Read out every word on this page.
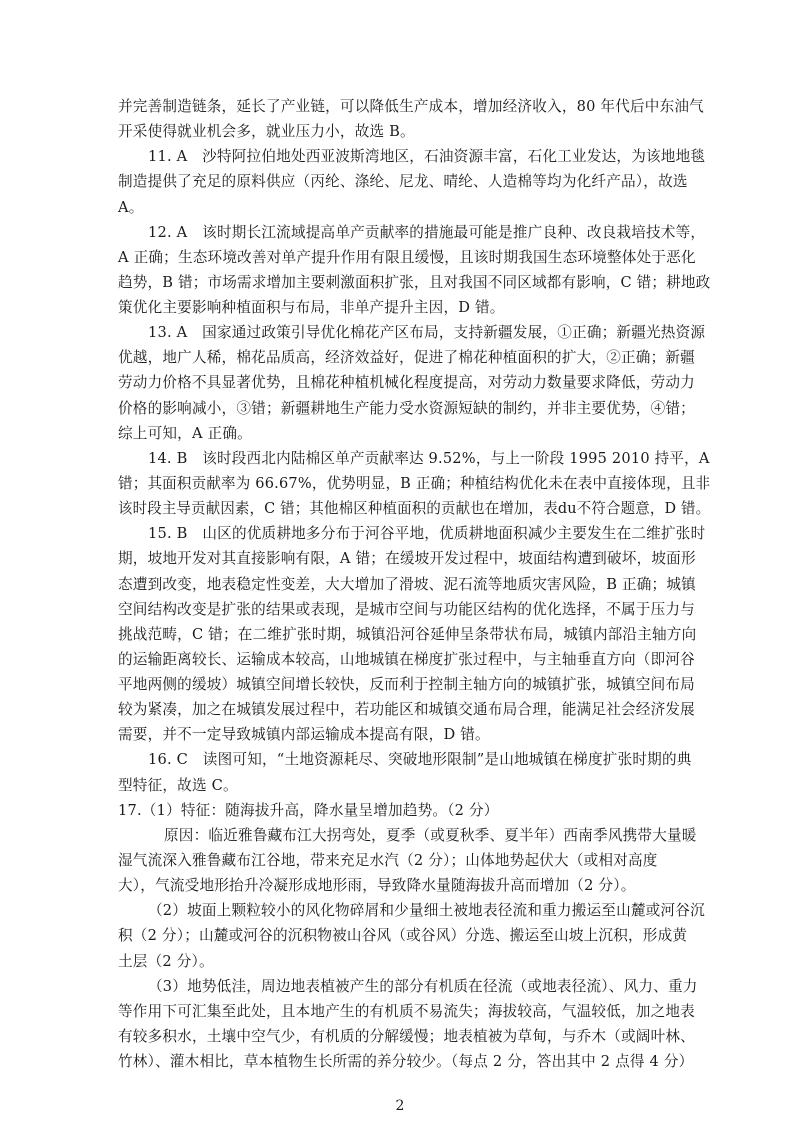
并完善制造链条，延长了产业链，可以降低生产成本，增加经济收入，80 年代后中东油气
开采使得就业机会多，就业压力小，故选 B。
11. A　沙特阿拉伯地处西亚波斯湾地区，石油资源丰富，石化工业发达，为该地地毯
制造提供了充足的原料供应（丙纶、涤纶、尼龙、晴纶、人造棉等均为化纤产品），故选
A。
12. A　该时期长江流域提高单产贡献率的措施最可能是推广良种、改良栽培技术等，
A 正确；生态环境改善对单产提升作用有限且缓慢，且该时期我国生态环境整体处于恶化
趋势，B 错；市场需求增加主要刺激面积扩张，且对我国不同区域都有影响，C 错；耕地政
策优化主要影响种植面积与布局，非单产提升主因，D 错。
13. A　国家通过政策引导优化棉花产区布局，支持新疆发展，①正确；新疆光热资源
优越，地广人稀，棉花品质高，经济效益好，促进了棉花种植面积的扩大，②正确；新疆
劳动力价格不具显著优势，且棉花种植机械化程度提高，对劳动力数量要求降低，劳动力
价格的影响减小，③错；新疆耕地生产能力受水资源短缺的制约，并非主要优势，④错；
综上可知，A 正确。
14. B　该时段西北内陆棉区单产贡献率达 9.52%，与上一阶段 1995 2010 持平，A
错；其面积贡献率为 66.67%，优势明显，B 正确；种植结构优化未在表中直接体现，且非
该时段主导贡献因素，C 错；其他棉区种植面积的贡献也在增加，表du不符合题意，D 错。
15. B　山区的优质耕地多分布于河谷平地，优质耕地面积减少主要发生在二维扩张时
期，坡地开发对其直接影响有限，A 错；在缓坡开发过程中，坡面结构遭到破坏，坡面形
态遭到改变，地表稳定性变差，大大增加了滑坡、泥石流等地质灾害风险，B 正确；城镇
空间结构改变是扩张的结果或表现，是城市空间与功能区结构的优化选择，不属于压力与
挑战范畴，C 错；在二维扩张时期，城镇沿河谷延伸呈条带状布局，城镇内部沿主轴方向
的运输距离较长、运输成本较高，山地城镇在梯度扩张过程中，与主轴垂直方向（即河谷
平地两侧的缓坡）城镇空间增长较快，反而利于控制主轴方向的城镇扩张，城镇空间布局
较为紧凑，加之在城镇发展过程中，若功能区和城镇交通布局合理，能满足社会经济发展
需要，并不一定导致城镇内部运输成本提高有限，D 错。
16. C　读图可知，“土地资源耗尽、突破地形限制”是山地城镇在梯度扩张时期的典
型特征，故选 C。
17.（1）特征：随海拔升高，降水量呈增加趋势。（2 分）
原因：临近雅鲁藏布江大拐弯处，夏季（或夏秋季、夏半年）西南季风携带大量暖
湿气流深入雅鲁藏布江谷地，带来充足水汽（2 分）；山体地势起伏大（或相对高度
大），气流受地形抬升冷凝形成地形雨，导致降水量随海拔升高而增加（2 分）。
（2）坡面上颗粒较小的风化物碎屑和少量细土被地表径流和重力搬运至山麓或河谷沉
积（2 分）；山麓或河谷的沉积物被山谷风（或谷风）分选、搬运至山坡上沉积，形成黄
土层（2 分）。
（3）地势低洼，周边地表植被产生的部分有机质在径流（或地表径流）、风力、重力
等作用下可汇集至此处，且本地产生的有机质不易流失；海拔较高，气温较低，加之地表
有较多积水，土壤中空气少，有机质的分解缓慢；地表植被为草甸，与乔木（或阔叶林、
竹林）、灌木相比，草本植物生长所需的养分较少。（每点 2 分，答出其中 2 点得 4 分）
2
